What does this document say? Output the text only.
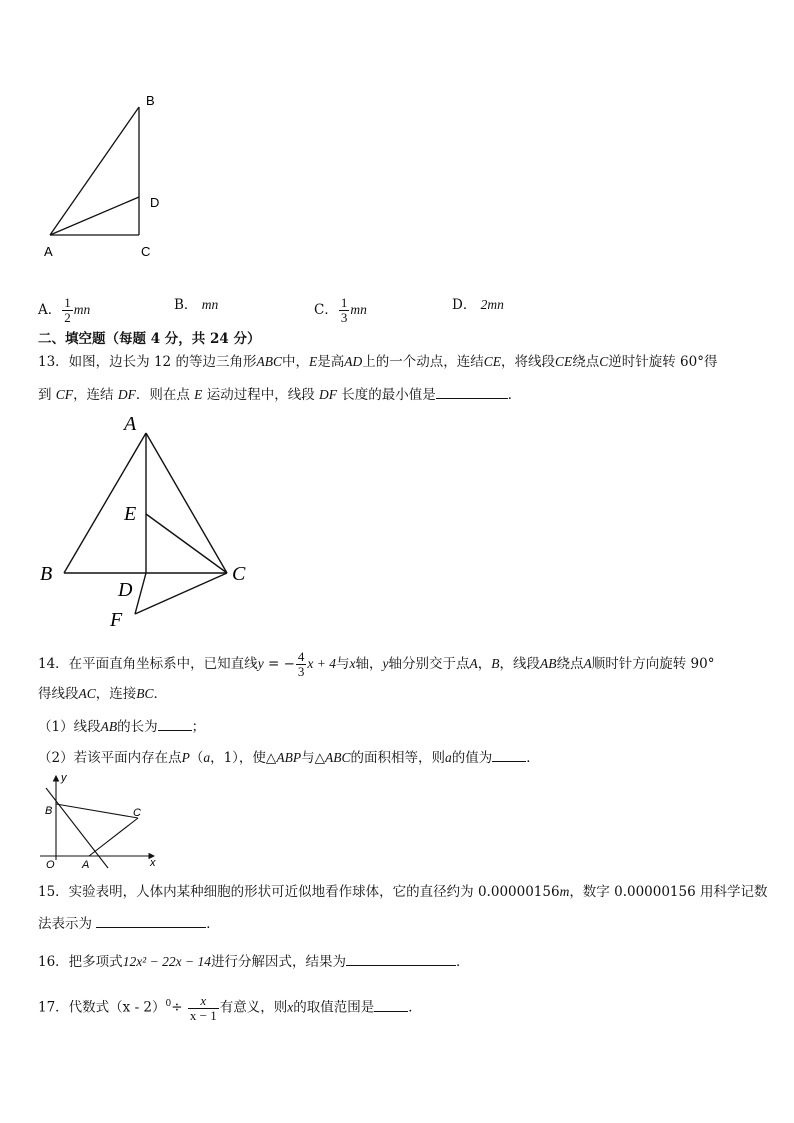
B
D
A	C
A． $\frac{1}{2}$ mn	B． mn	C． $\frac{1}{3}$ mn	D． 2mn
二、填空题（每题 4 分，共 24 分）
13．如图，边长为 12 的等边三角形ABC中，E是高AD上的一个动点，连结CE，将线段CE绕点C逆时针旋转 60°得
到 CF，连结 DF．则在点 E 运动过程中，线段 DF 长度的最小值是	．
A
E
B	C
D
F
14．在平面直角坐标系中，已知直线y = − $\frac{4}{3}$ x + 4与x轴，y轴分别交于点A，B，线段AB绕点A顺时针方向旋转 90°
得线段AC，连接BC．
（1）线段AB的长为	；
（2）若该平面内存在点P（a，1），使△ABP与△ABC的面积相等，则a的值为	．
y
B	C
O A	x
15．实验表明，人体内某种细胞的形状可近似地看作球体，它的直径约为 0.00000156m，数字 0.00000156 用科学记数
法表示为	．
16．把多项式12x² − 22x − 14进行分解因式，结果为	．
17．代数式$(x - 2)^0\div \frac{x}{x - 1}$ 有意义，则x的取值范围是	．
